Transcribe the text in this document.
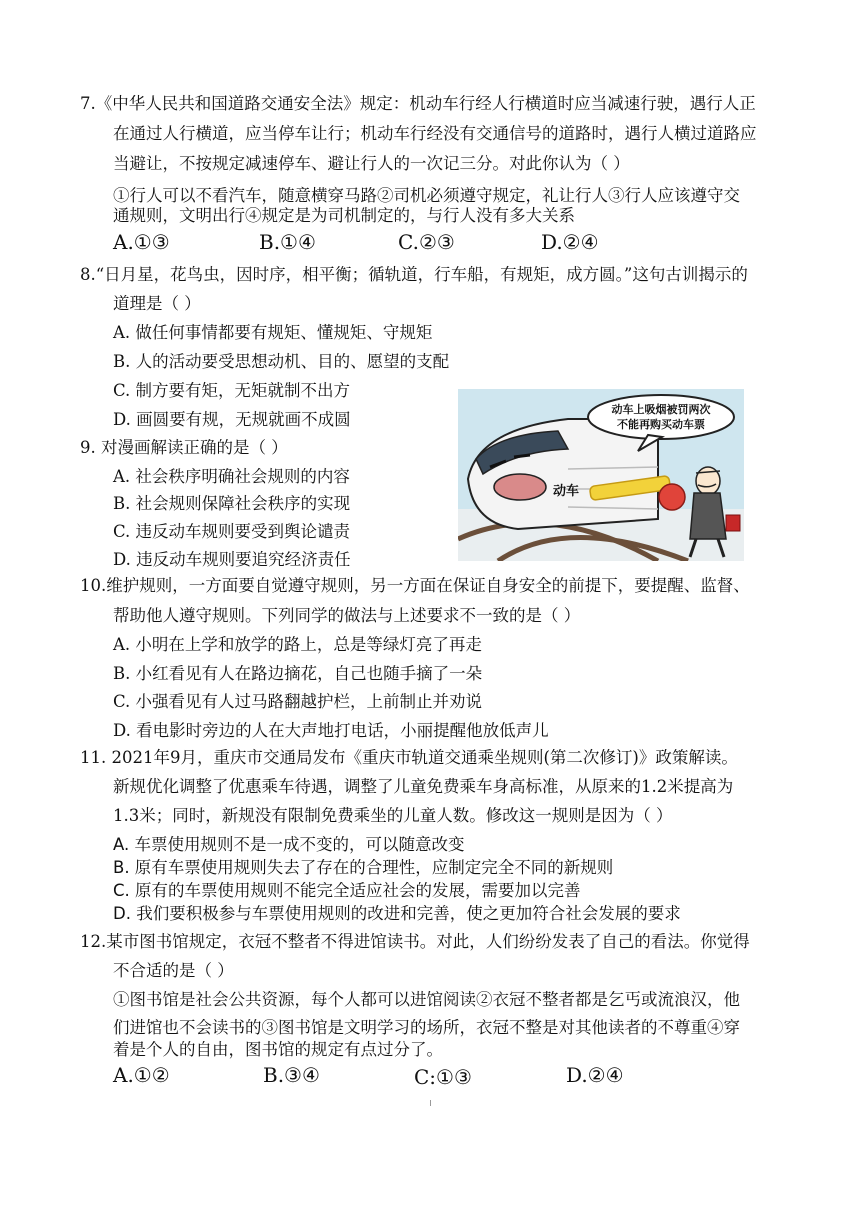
7.《中华人民共和国道路交通安全法》规定：机动车行经人行横道时应当减速行驶，遇行人正
在通过人行横道，应当停车让行；机动车行经没有交通信号的道路时，遇行人横过道路应
当避让，不按规定减速停车、避让行人的一次记三分。对此你认为（ ）
①行人可以不看汽车，随意横穿马路②司机必须遵守规定，礼让行人③行人应该遵守交
通规则，文明出行④规定是为司机制定的，与行人没有多大关系
A.①③	B.①④	C.②③	D.②④
8.“日月星，花鸟虫，因时序，相平衡；循轨道，行车船，有规矩，成方圆。”这句古训揭示的
道理是（ ）
A. 做任何事情都要有规矩、懂规矩、守规矩
B. 人的活动要受思想动机、目的、愿望的支配
C. 制方要有矩，无矩就制不出方
D. 画圆要有规，无规就画不成圆
9. 对漫画解读正确的是（ ）
A. 社会秩序明确社会规则的内容
B. 社会规则保障社会秩序的实现
C. 违反动车规则要受到舆论谴责
D. 违反动车规则要追究经济责任
动车
动车上吸烟被罚两次
不能再购买动车票
10.维护规则，一方面要自觉遵守规则，另一方面在保证自身安全的前提下，要提醒、监督、
帮助他人遵守规则。下列同学的做法与上述要求不一致的是（ ）
A. 小明在上学和放学的路上，总是等绿灯亮了再走
B. 小红看见有人在路边摘花，自己也随手摘了一朵
C. 小强看见有人过马路翻越护栏，上前制止并劝说
D. 看电影时旁边的人在大声地打电话，小丽提醒他放低声儿
11. 2021年9月，重庆市交通局发布《重庆市轨道交通乘坐规则(第二次修订)》政策解读。
新规优化调整了优惠乘车待遇，调整了儿童免费乘车身高标准，从原来的1.2米提高为
1.3米；同时，新规没有限制免费乘坐的儿童人数。修改这一规则是因为（ ）
A. 车票使用规则不是一成不变的，可以随意改变
B. 原有车票使用规则失去了存在的合理性，应制定完全不同的新规则
C. 原有的车票使用规则不能完全适应社会的发展，需要加以完善
D. 我们要积极参与车票使用规则的改进和完善，使之更加符合社会发展的要求
12.某市图书馆规定，衣冠不整者不得进馆读书。对此，人们纷纷发表了自己的看法。你觉得
不合适的是（ ）
①图书馆是社会公共资源，每个人都可以进馆阅读②衣冠不整者都是乞丐或流浪汉，他
们进馆也不会读书的③图书馆是文明学习的场所，衣冠不整是对其他读者的不尊重④穿
着是个人的自由，图书馆的规定有点过分了。
A.①②	B.③④	C:①③	D.②④
